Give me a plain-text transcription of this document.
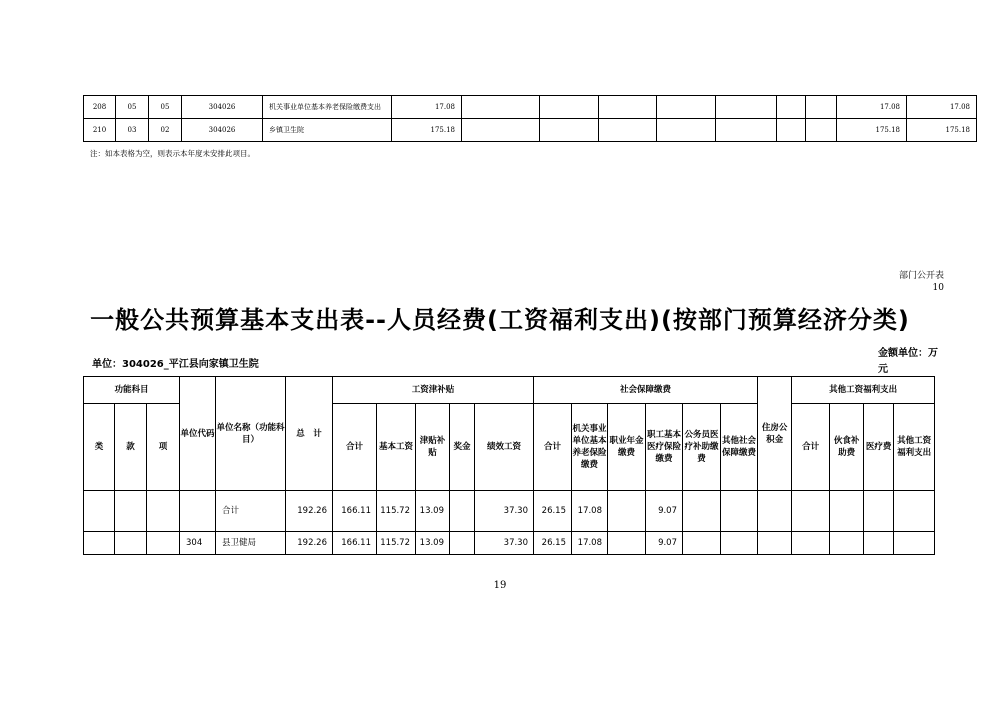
208	05	05	304026	机关事业单位基本养老保险缴费支出	17.08								17.08	17.08
210	03	02	304026	乡镇卫生院	175.18								175.18	175.18
注：如本表格为空，则表示本年度未安排此项目。
部门公开表
10
一般公共预算基本支出表--人员经费(工资福利支出)(按部门预算经济分类)
单位：304026_平江县向家镇卫生院
金额单位：万元
功能科目			单位代码	单位名称（功能科目）	总　计	工资津补贴					社会保障缴费						住房公积金	其他工资福利支出			
类	款	项				合计	基本工资	津贴补贴	奖金	绩效工资	合计	机关事业单位基本养老保险缴费	职业年金缴费	职工基本医疗保险缴费	公务员医疗补助缴费	其他社会保障缴费		合计	伙食补助费	医疗费	其他工资福利支出
				合计	192.26	166.11	115.72	13.09		37.30	26.15	17.08		9.07							
			304	县卫健局	192.26	166.11	115.72	13.09		37.30	26.15	17.08		9.07							
19
